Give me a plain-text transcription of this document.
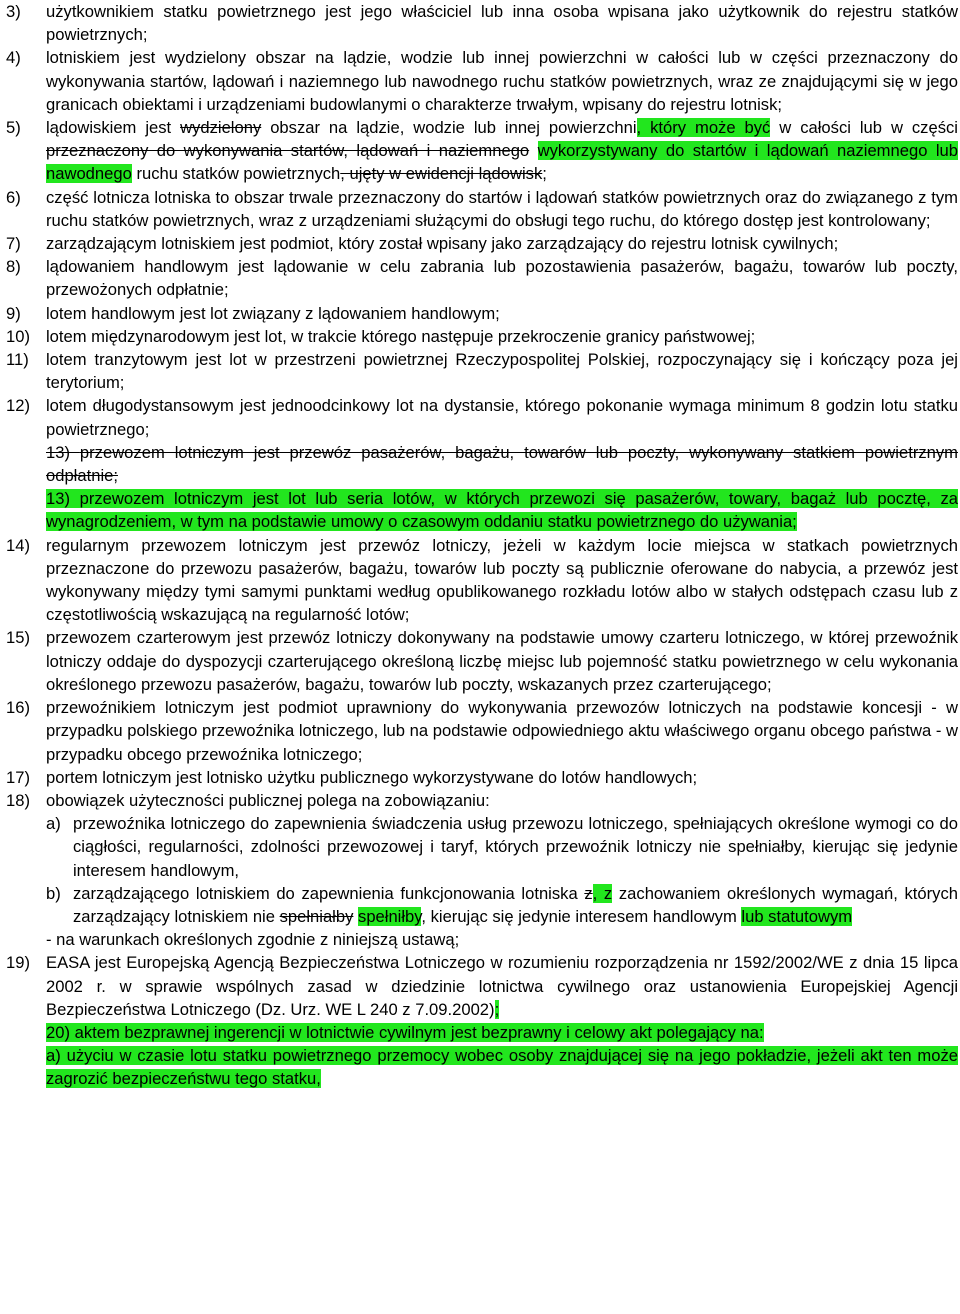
3) użytkownikiem statku powietrznego jest jego właściciel lub inna osoba wpisana jako użytkownik do rejestru statków powietrznych;
4) lotniskiem jest wydzielony obszar na lądzie, wodzie lub innej powierzchni w całości lub w części przeznaczony do wykonywania startów, lądowań i naziemnego lub nawodnego ruchu statków powietrznych, wraz ze znajdującymi się w jego granicach obiektami i urządzeniami budowlanymi o charakterze trwałym, wpisany do rejestru lotnisk;
5) lądowiskiem jest wydzielony obszar na lądzie, wodzie lub innej powierzchni, który może być w całości lub w części przeznaczony do wykonywania startów, lądowań i naziemnego wykorzystywany do startów i lądowań naziemnego lub nawodnego ruchu statków powietrznych, ujęty w ewidencji lądowisk;
6) część lotnicza lotniska to obszar trwale przeznaczony do startów i lądowań statków powietrznych oraz do związanego z tym ruchu statków powietrznych, wraz z urządzeniami służącymi do obsługi tego ruchu, do którego dostęp jest kontrolowany;
7) zarządzającym lotniskiem jest podmiot, który został wpisany jako zarządzający do rejestru lotnisk cywilnych;
8) lądowaniem handlowym jest lądowanie w celu zabrania lub pozostawienia pasażerów, bagażu, towarów lub poczty, przewożonych odpłatnie;
9) lotem handlowym jest lot związany z lądowaniem handlowym;
10) lotem międzynarodowym jest lot, w trakcie którego następuje przekroczenie granicy państwowej;
11) lotem tranzytowym jest lot w przestrzeni powietrznej Rzeczypospolitej Polskiej, rozpoczynający się i kończący poza jej terytorium;
12) lotem długodystansowym jest jednoodcinkowy lot na dystansie, którego pokonanie wymaga minimum 8 godzin lotu statku powietrznego;
13) przewozem lotniczym jest przewóz pasażerów, bagażu, towarów lub poczty, wykonywany statkiem powietrznym odpłatnie;
13) przewozem lotniczym jest lot lub seria lotów, w których przewozi się pasażerów, towary, bagaż lub pocztę, za wynagrodzeniem, w tym na podstawie umowy o czasowym oddaniu statku powietrznego do używania;
14) regularnym przewozem lotniczym jest przewóz lotniczy, jeżeli w każdym locie miejsca w statkach powietrznych przeznaczone do przewozu pasażerów, bagażu, towarów lub poczty są publicznie oferowane do nabycia, a przewóz jest wykonywany między tymi samymi punktami według opublikowanego rozkładu lotów albo w stałych odstępach czasu lub z częstotliwością wskazującą na regularność lotów;
15) przewozem czarterowym jest przewóz lotniczy dokonywany na podstawie umowy czarteru lotniczego, w której przewoźnik lotniczy oddaje do dyspozycji czarterującego określoną liczbę miejsc lub pojemność statku powietrznego w celu wykonania określonego przewozu pasażerów, bagażu, towarów lub poczty, wskazanych przez czarterującego;
16) przewoźnikiem lotniczym jest podmiot uprawniony do wykonywania przewozów lotniczych na podstawie koncesji - w przypadku polskiego przewoźnika lotniczego, lub na podstawie odpowiedniego aktu właściwego organu obcego państwa - w przypadku obcego przewoźnika lotniczego;
17) portem lotniczym jest lotnisko użytku publicznego wykorzystywane do lotów handlowych;
18) obowiązek użyteczności publicznej polega na zobowiązaniu:
a) przewoźnika lotniczego do zapewnienia świadczenia usług przewozu lotniczego, spełniających określone wymogi co do ciągłości, regularności, zdolności przewozowej i taryf, których przewoźnik lotniczy nie spełniałby, kierując się jedynie interesem handlowym,
b) zarządzającego lotniskiem do zapewnienia funkcjonowania lotniska z, z zachowaniem określonych wymagań, których zarządzający lotniskiem nie spełniałby spełniłby, kierując się jedynie interesem handlowym lub statutowym
- na warunkach określonych zgodnie z niniejszą ustawą;
19) EASA jest Europejską Agencją Bezpieczeństwa Lotniczego w rozumieniu rozporządzenia nr 1592/2002/WE z dnia 15 lipca 2002 r. w sprawie wspólnych zasad w dziedzinie lotnictwa cywilnego oraz ustanowienia Europejskiej Agencji Bezpieczeństwa Lotniczego (Dz. Urz. WE L 240 z 7.09.2002);
20) aktem bezprawnej ingerencji w lotnictwie cywilnym jest bezprawny i celowy akt polegający na:
a) użyciu w czasie lotu statku powietrznego przemocy wobec osoby znajdującej się na jego pokładzie, jeżeli akt ten może zagrozić bezpieczeństwu tego statku,
